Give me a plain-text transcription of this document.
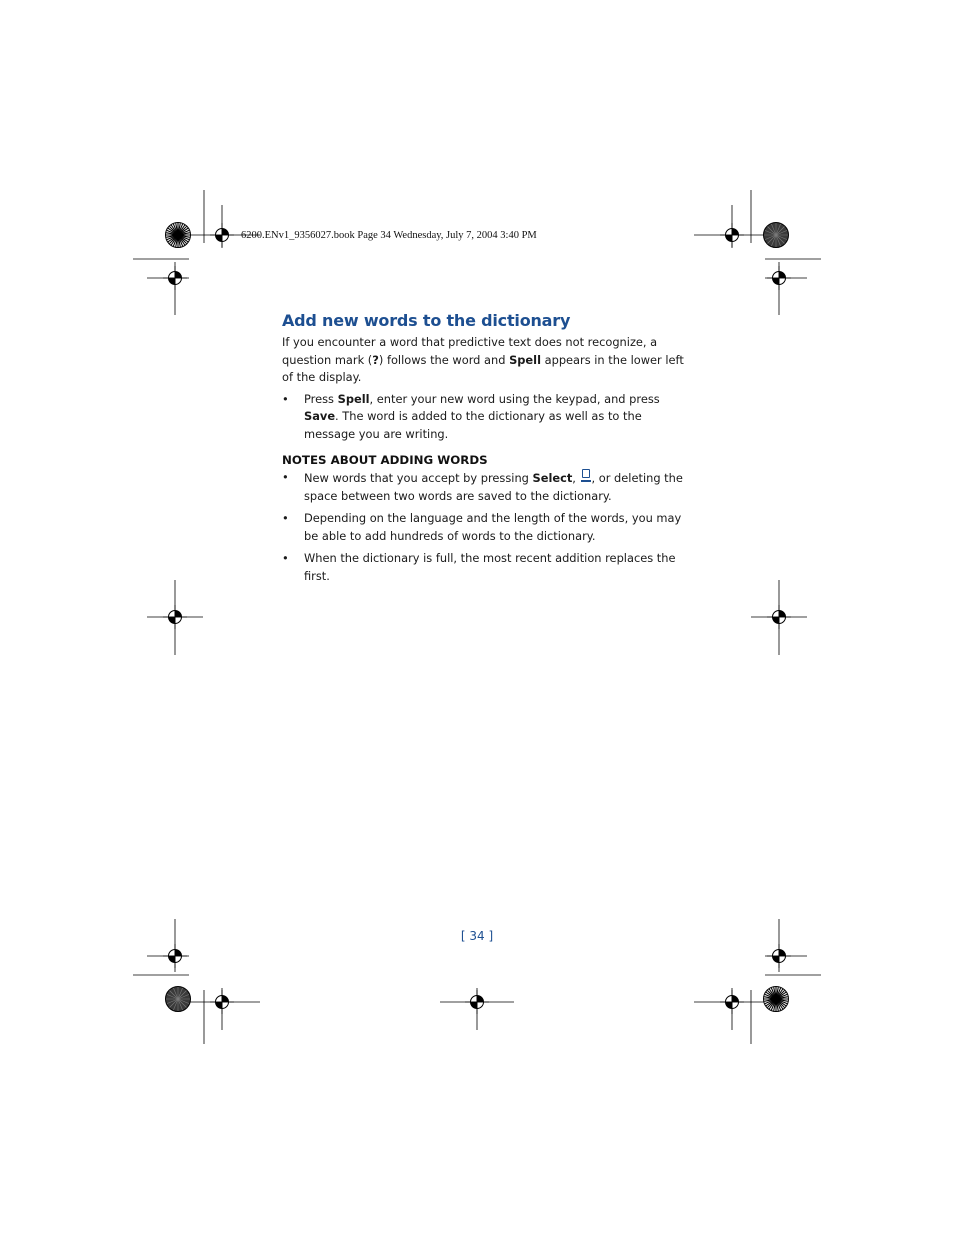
6200.ENv1_9356027.book Page 34 Wednesday, July 7, 2004 3:40 PM
Add new words to the dictionary

If you encounter a word that predictive text does not recognize, a question mark (?) follows the word and Spell appears in the lower left of the display.

• Press Spell, enter your new word using the keypad, and press Save. The word is added to the dictionary as well as to the message you are writing.
NOTES ABOUT ADDING WORDS
• New words that you accept by pressing Select,
, or deleting the space between two words are saved to the dictionary.
• Depending on the language and the length of the words, you may be able to add hundreds of words to the dictionary.
• When the dictionary is full, the most recent addition replaces the first.
[ 34 ]
